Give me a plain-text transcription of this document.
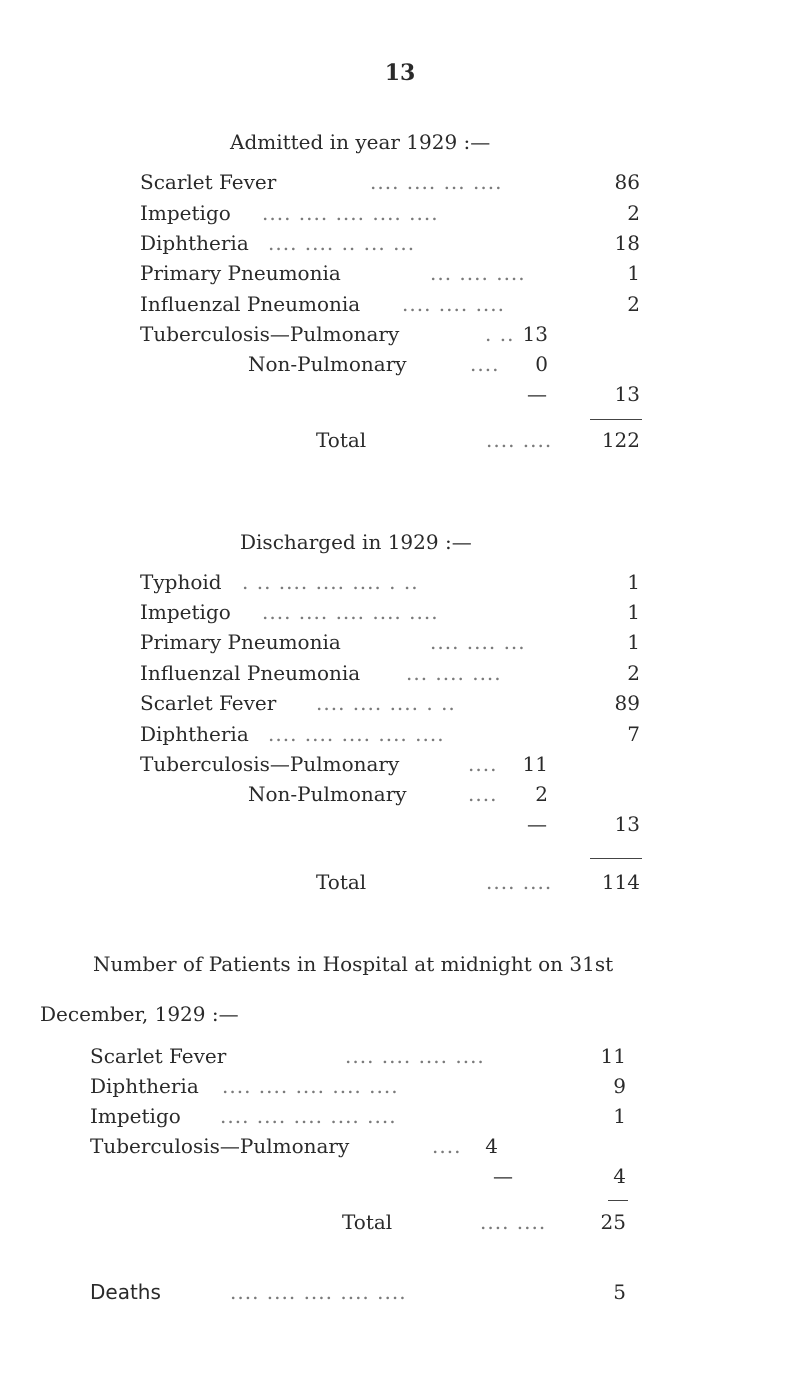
13
Admitted in year 1929 :—
Scarlet Fever	.... .... ... ....	86
Impetigo .... .... .... .... ....	2
Diphtheria .... .... .. ... ...	18
Primary Pneumonia	... .... ....	1
Influenzal Pneumonia .... .... ....	2
Tuberculosis—Pulmonary	. .. 13
Non-Pulmonary	....	0
—	13
Total	.... ....	122
Discharged in 1929 :—
Typhoid . .. .... .... .... . ..	1
Impetigo .... .... .... .... ....	1
Primary Pneumonia	.... .... ...	1
Influenzal Pneumonia ... .... ....	2
Scarlet Fever .... .... .... . ..	89
Diphtheria .... .... .... .... ....	7
Tuberculosis—Pulmonary	....	11
Non-Pulmonary	....	2
—	13
Total	.... ....	114
Number of Patients in Hospital at midnight on 31st
December, 1929 :—
Scarlet Fever	.... .... .... ....	11
Diphtheria .... .... .... .... ....	9
Impetigo .... .... .... .... ....	1
Tuberculosis—Pulmonary	....	4
—	4
Total	.... ....	25
Deaths	.... .... .... .... ....	5
